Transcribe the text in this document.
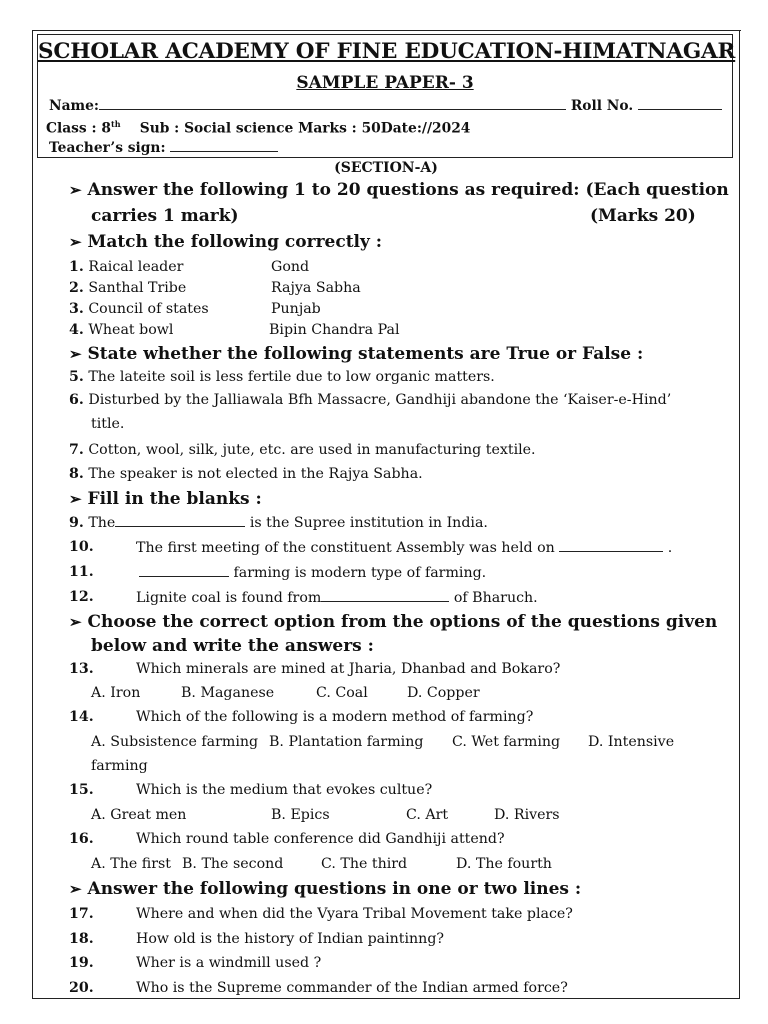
SCHOLAR ACADEMY OF FINE EDUCATION-HIMATNAGAR
SAMPLE PAPER- 3
Name:	Roll No.
Class : 8th Sub : Social science Marks : 50Date://2024
Teacher’s sign:
(SECTION-A)
➢ Answer the following 1 to 20 questions as required: (Each question
carries 1 mark)	(Marks 20)
➢ Match the following correctly :
1. Raical leader	Gond
2. Santhal Tribe	Rajya Sabha
3. Council of states	Punjab
4. Wheat bowl	Bipin Chandra Pal
➢ State whether the following statements are True or False :
5. The lateite soil is less fertile due to low organic matters.
6. Disturbed by the Jalliawala Bfh Massacre, Gandhiji abandone the ‘Kaiser-e-Hind’
title.
7. Cotton, wool, silk, jute, etc. are used in manufacturing textile.
8. The speaker is not elected in the Rajya Sabha.
➢ Fill in the blanks :
9. The	is the Supree institution in India.
10.	The first meeting of the constituent Assembly was held on	.
11.	farming is modern type of farming.
12.	Lignite coal is found from	of Bharuch.
➢ Choose the correct option from the options of the questions given
below and write the answers :
13.	Which minerals are mined at Jharia, Dhanbad and Bokaro?
A. Iron	B. Maganese	C. Coal	D. Copper
14.	Which of the following is a modern method of farming?
A. Subsistence farming B. Plantation farming C. Wet farming D. Intensive
farming
15.	Which is the medium that evokes cultue?
A. Great men	B. Epics	C. Art	D. Rivers
16.	Which round table conference did Gandhiji attend?
A. The first B. The second	C. The third	D. The fourth
➢ Answer the following questions in one or two lines :
17.	Where and when did the Vyara Tribal Movement take place?
18.	How old is the history of Indian paintinng?
19.	Wher is a windmill used ?
20.	Who is the Supreme commander of the Indian armed force?
